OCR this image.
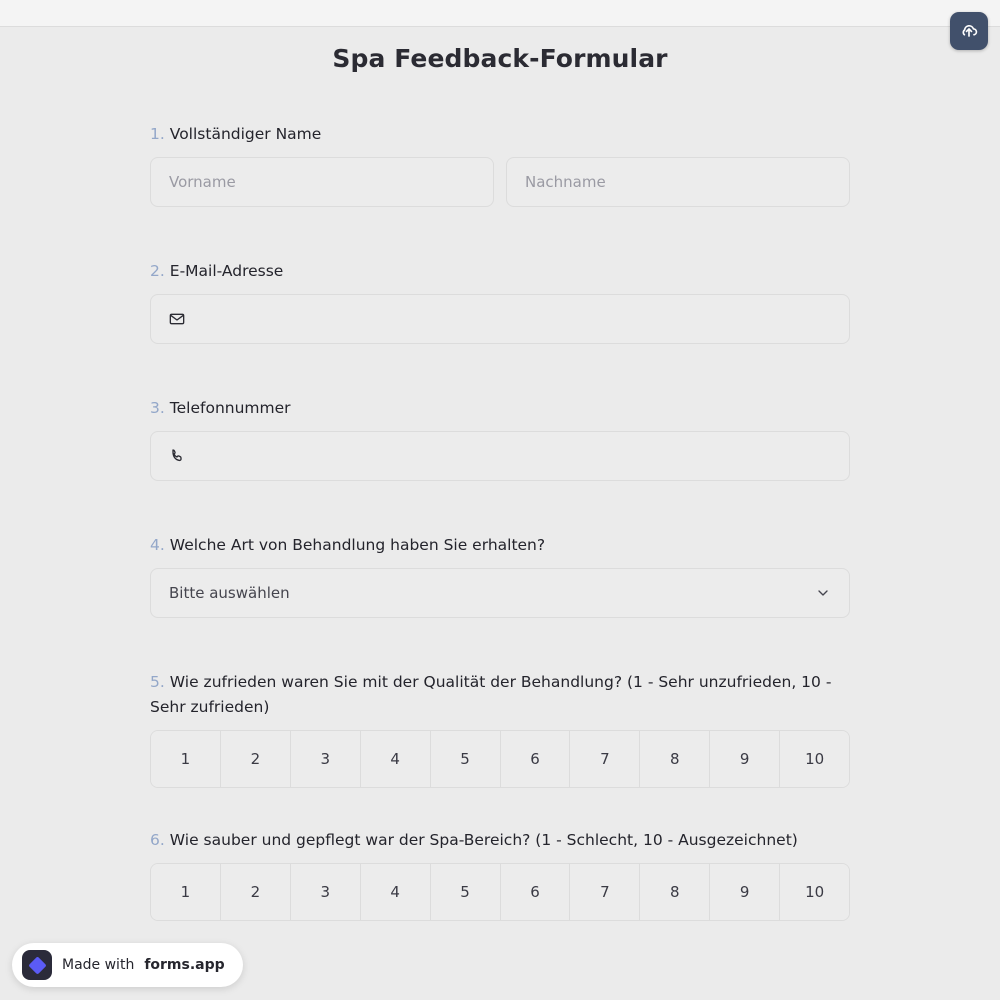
Spa Feedback-Formular
1. Vollständiger Name
Vorname	Nachname
2. E-Mail-Adresse
3. Telefonnummer
4. Welche Art von Behandlung haben Sie erhalten?
Bitte auswählen
5. Wie zufrieden waren Sie mit der Qualität der Behandlung? (1 - Sehr unzufrieden, 10 - Sehr zufrieden)
1	2	3	4	5	6	7	8	9	10
6. Wie sauber und gepflegt war der Spa-Bereich? (1 - Schlecht, 10 - Ausgezeichnet)
1	2	3	4	5	6	7	8	9	10
Made with forms.app
